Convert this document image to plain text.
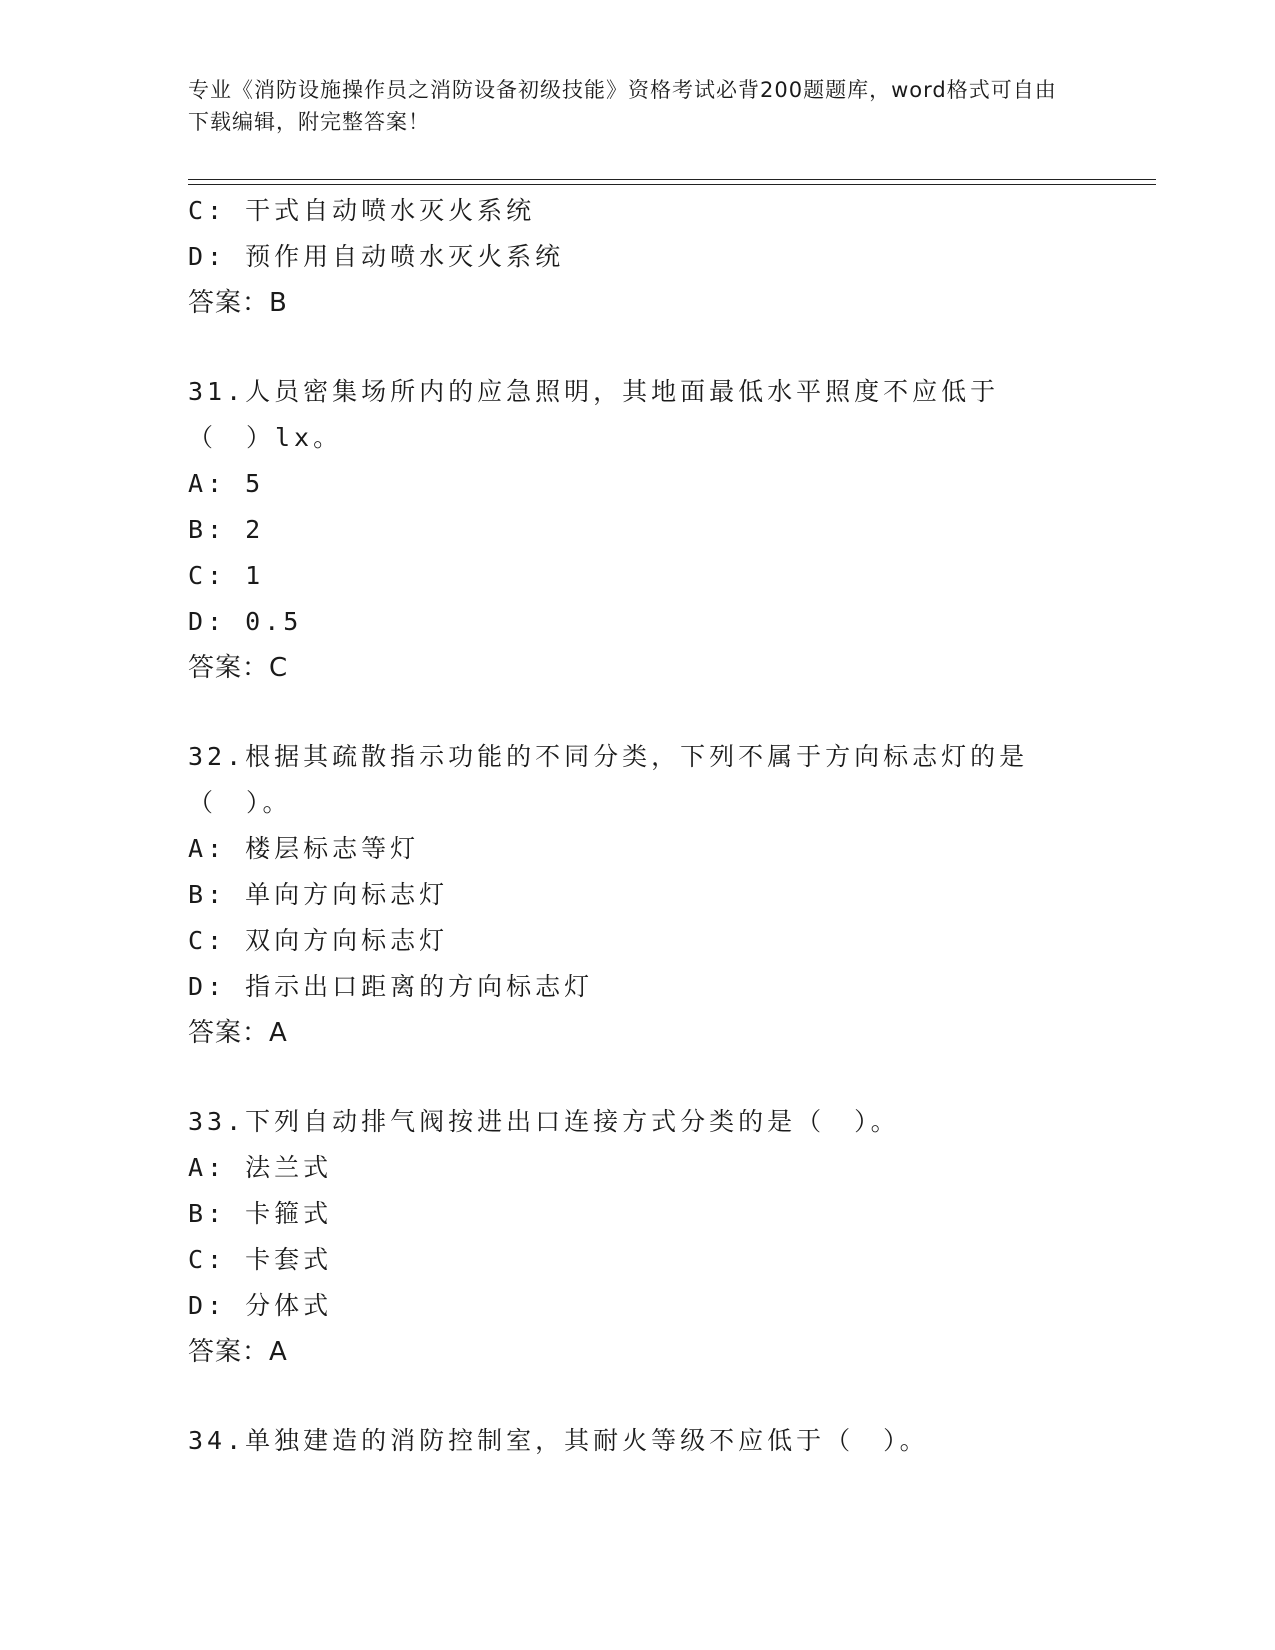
专业《消防设施操作员之消防设备初级技能》资格考试必背200题题库，word格式可自由下载编辑，附完整答案！
C: 干式自动喷水灭火系统
D: 预作用自动喷水灭火系统
答案：B
31.人员密集场所内的应急照明，其地面最低水平照度不应低于（　）lx。
A: 5
B: 2
C: 1
D: 0.5
答案：C
32.根据其疏散指示功能的不同分类，下列不属于方向标志灯的是（　）。
A: 楼层标志等灯
B: 单向方向标志灯
C: 双向方向标志灯
D: 指示出口距离的方向标志灯
答案：A
33.下列自动排气阀按进出口连接方式分类的是（　）。
A: 法兰式
B: 卡箍式
C: 卡套式
D: 分体式
答案：A
34.单独建造的消防控制室，其耐火等级不应低于（　）。
